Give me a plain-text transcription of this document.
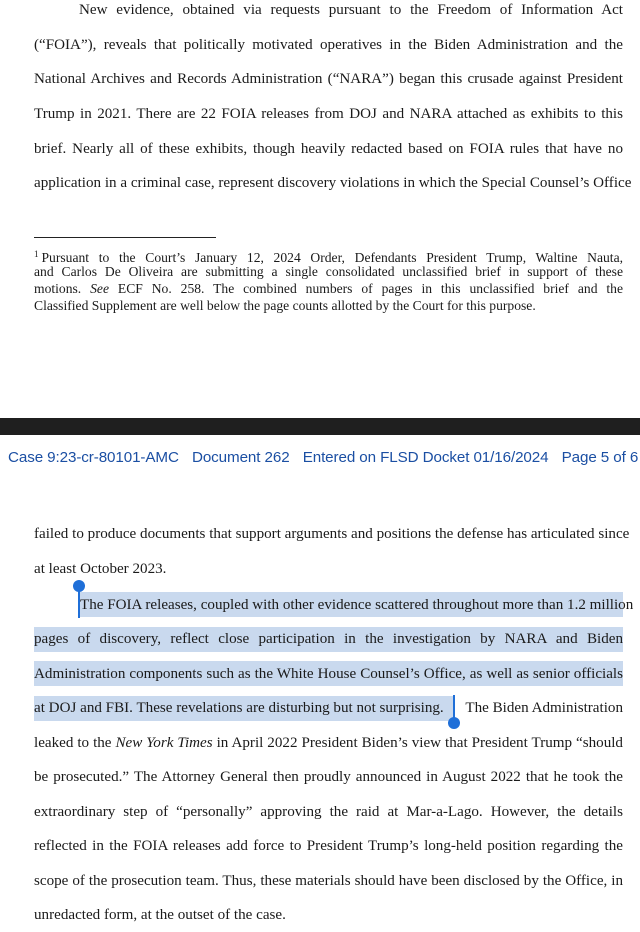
New evidence, obtained via requests pursuant to the Freedom of Information Act
(“FOIA”), reveals that politically motivated operatives in the Biden Administration and the
National Archives and Records Administration (“NARA”) began this crusade against President
Trump in 2021. There are 22 FOIA releases from DOJ and NARA attached as exhibits to this
brief. Nearly all of these exhibits, though heavily redacted based on FOIA rules that have no
application in a criminal case, represent discovery violations in which the Special Counsel’s Office
$^1$ Pursuant to the Court’s January 12, 2024 Order, Defendants President Trump, Waltine Nauta,
and Carlos De Oliveira are submitting a single consolidated unclassified brief in support of these
motions. See ECF No. 258. The combined numbers of pages in this unclassified brief and the
Classified Supplement are well below the page counts allotted by the Court for this purpose.
Case 9:23-cr-80101-AMC Document 262 Entered on FLSD Docket 01/16/2024 Page 5 of 6
failed to produce documents that support arguments and positions the defense has articulated since
at least October 2023.
The FOIA releases, coupled with other evidence scattered throughout more than 1.2 million
pages of discovery, reflect close participation in the investigation by NARA and Biden
Administration components such as the White House Counsel’s Office, as well as senior officials
at DOJ and FBI. These revelations are disturbing but not surprising. The Biden Administration
leaked to the New York Times in April 2022 President Biden’s view that President Trump “should
be prosecuted.” The Attorney General then proudly announced in August 2022 that he took the
extraordinary step of “personally” approving the raid at Mar-a-Lago. However, the details
reflected in the FOIA releases add force to President Trump’s long-held position regarding the
scope of the prosecution team. Thus, these materials should have been disclosed by the Office, in
unredacted form, at the outset of the case.
